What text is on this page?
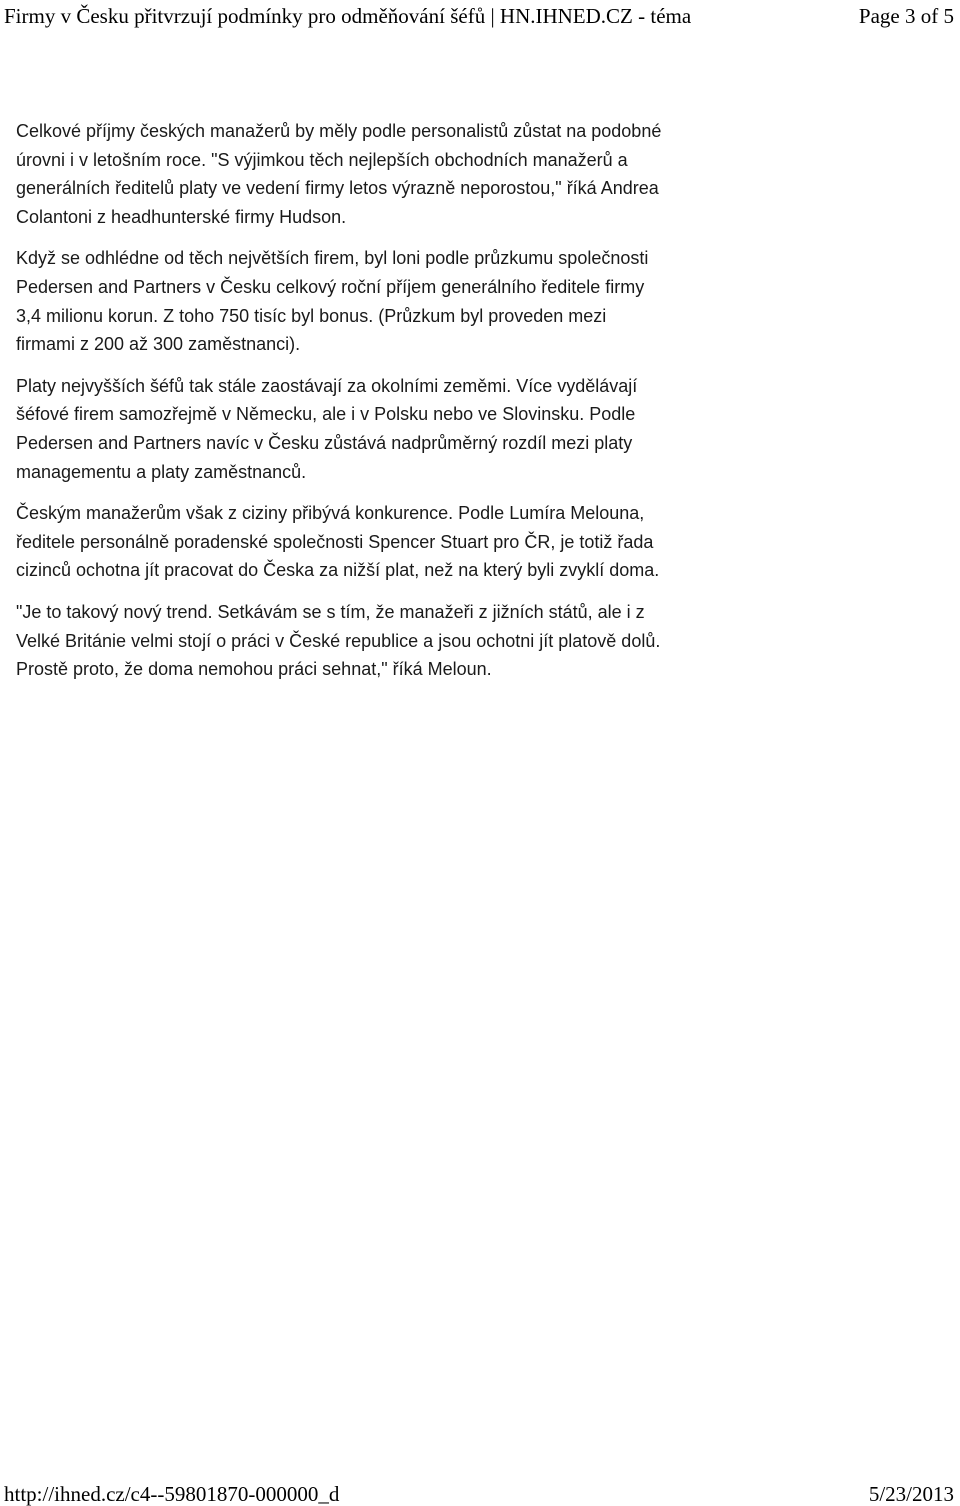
Firmy v Česku přitvrzují podmínky pro odměňování šéfů | HN.IHNED.CZ - téma	Page 3 of 5

Celkové příjmy českých manažerů by měly podle personalistů zůstat na podobné úrovni i v letošním roce. "S výjimkou těch nejlepších obchodních manažerů a generálních ředitelů platy ve vedení firmy letos výrazně neporostou," říká Andrea Colantoni z headhunterské firmy Hudson.

Když se odhlédne od těch největších firem, byl loni podle průzkumu společnosti Pedersen and Partners v Česku celkový roční příjem generálního ředitele firmy 3,4 milionu korun. Z toho 750 tisíc byl bonus. (Průzkum byl proveden mezi firmami z 200 až 300 zaměstnanci).

Platy nejvyšších šéfů tak stále zaostávají za okolními zeměmi. Více vydělávají šéfové firem samozřejmě v Německu, ale i v Polsku nebo ve Slovinsku. Podle Pedersen and Partners navíc v Česku zůstává nadprůměrný rozdíl mezi platy managementu a platy zaměstnanců.

Českým manažerům však z ciziny přibývá konkurence. Podle Lumíra Melouna, ředitele personálně poradenské společnosti Spencer Stuart pro ČR, je totiž řada cizinců ochotna jít pracovat do Česka za nižší plat, než na který byli zvyklí doma.

"Je to takový nový trend. Setkávám se s tím, že manažeři z jižních států, ale i z Velké Británie velmi stojí o práci v České republice a jsou ochotni jít platově dolů. Prostě proto, že doma nemohou práci sehnat," říká Meloun.

http://ihned.cz/c4--59801870-000000_d	5/23/2013
